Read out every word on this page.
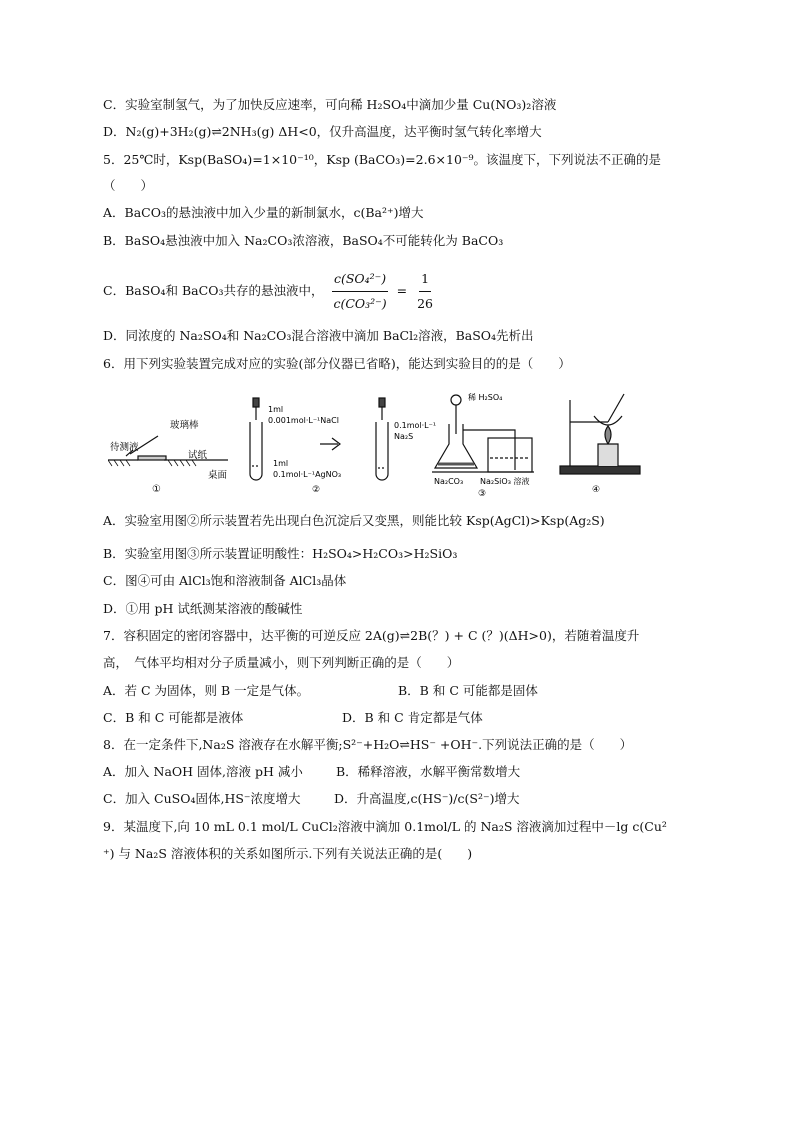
C．实验室制氢气，为了加快反应速率，可向稀 H₂SO₄中滴加少量 Cu(NO₃)₂溶液
D．N₂(g)+3H₂(g)⇌2NH₃(g) ΔH<0，仅升高温度，达平衡时氢气转化率增大
5．25℃时，Ksp(BaSO₄)=1×10⁻¹⁰，Ksp (BaCO₃)=2.6×10⁻⁹。该温度下，下列说法不正确的是
（　　）
A．BaCO₃的悬浊液中加入少量的新制氯水，c(Ba²⁺)增大
B．BaSO₄悬浊液中加入 Na₂CO₃浓溶液，BaSO₄不可能转化为 BaCO₃
C．BaSO₄和 BaCO₃共存的悬浊液中， $\frac{\text{c(SO₄²⁻)}}{\text{c(CO₃²⁻)}} = \frac{1}{26}$
D．同浓度的 Na₂SO₄和 Na₂CO₃混合溶液中滴加 BaCl₂溶液，BaSO₄先析出
6．用下列实验装置完成对应的实验(部分仪器已省略)，能达到实验目的的是（　　）
玻璃棒
待测液
试纸
桌面
①
1ml
0.001mol·L⁻¹NaCl
1ml
0.1mol·L⁻¹AgNO₃
0.1mol·L⁻¹
Na₂S
②
稀 H₂SO₄
Na₂CO₃ Na₂SiO₃ 溶液
③	④
A．实验室用图②所示装置若先出现白色沉淀后又变黑，则能比较 Ksp(AgCl)>Ksp(Ag₂S)
B．实验室用图③所示装置证明酸性：H₂SO₄>H₂CO₃>H₂SiO₃
C．图④可由 AlCl₃饱和溶液制备 AlCl₃晶体
D．①用 pH 试纸测某溶液的酸碱性
7．容积固定的密闭容器中，达平衡的可逆反应 2A(g)⇌2B(？) + C (？)(ΔH>0)，若随着温度升
高，　气体平均相对分子质量减小，则下列判断正确的是（　　）
A．若 C 为固体，则 B 一定是气体。	B．B 和 C 可能都是固体
C．B 和 C 可能都是液体	D．B 和 C 肯定都是气体
8．在一定条件下,Na₂S 溶液存在水解平衡;S²⁻+H₂O⇌HS⁻ +OH⁻.下列说法正确的是（　　）
A．加入 NaOH 固体,溶液 pH 减小	B．稀释溶液，水解平衡常数增大
C．加入 CuSO₄固体,HS⁻浓度增大	D．升高温度,c(HS⁻)/c(S²⁻)增大
9．某温度下,向 10 mL 0.1 mol/L CuCl₂溶液中滴加 0.1mol/L 的 Na₂S 溶液滴加过程中－lg c(Cu²
⁺) 与 Na₂S 溶液体积的关系如图所示.下列有关说法正确的是(　　)
